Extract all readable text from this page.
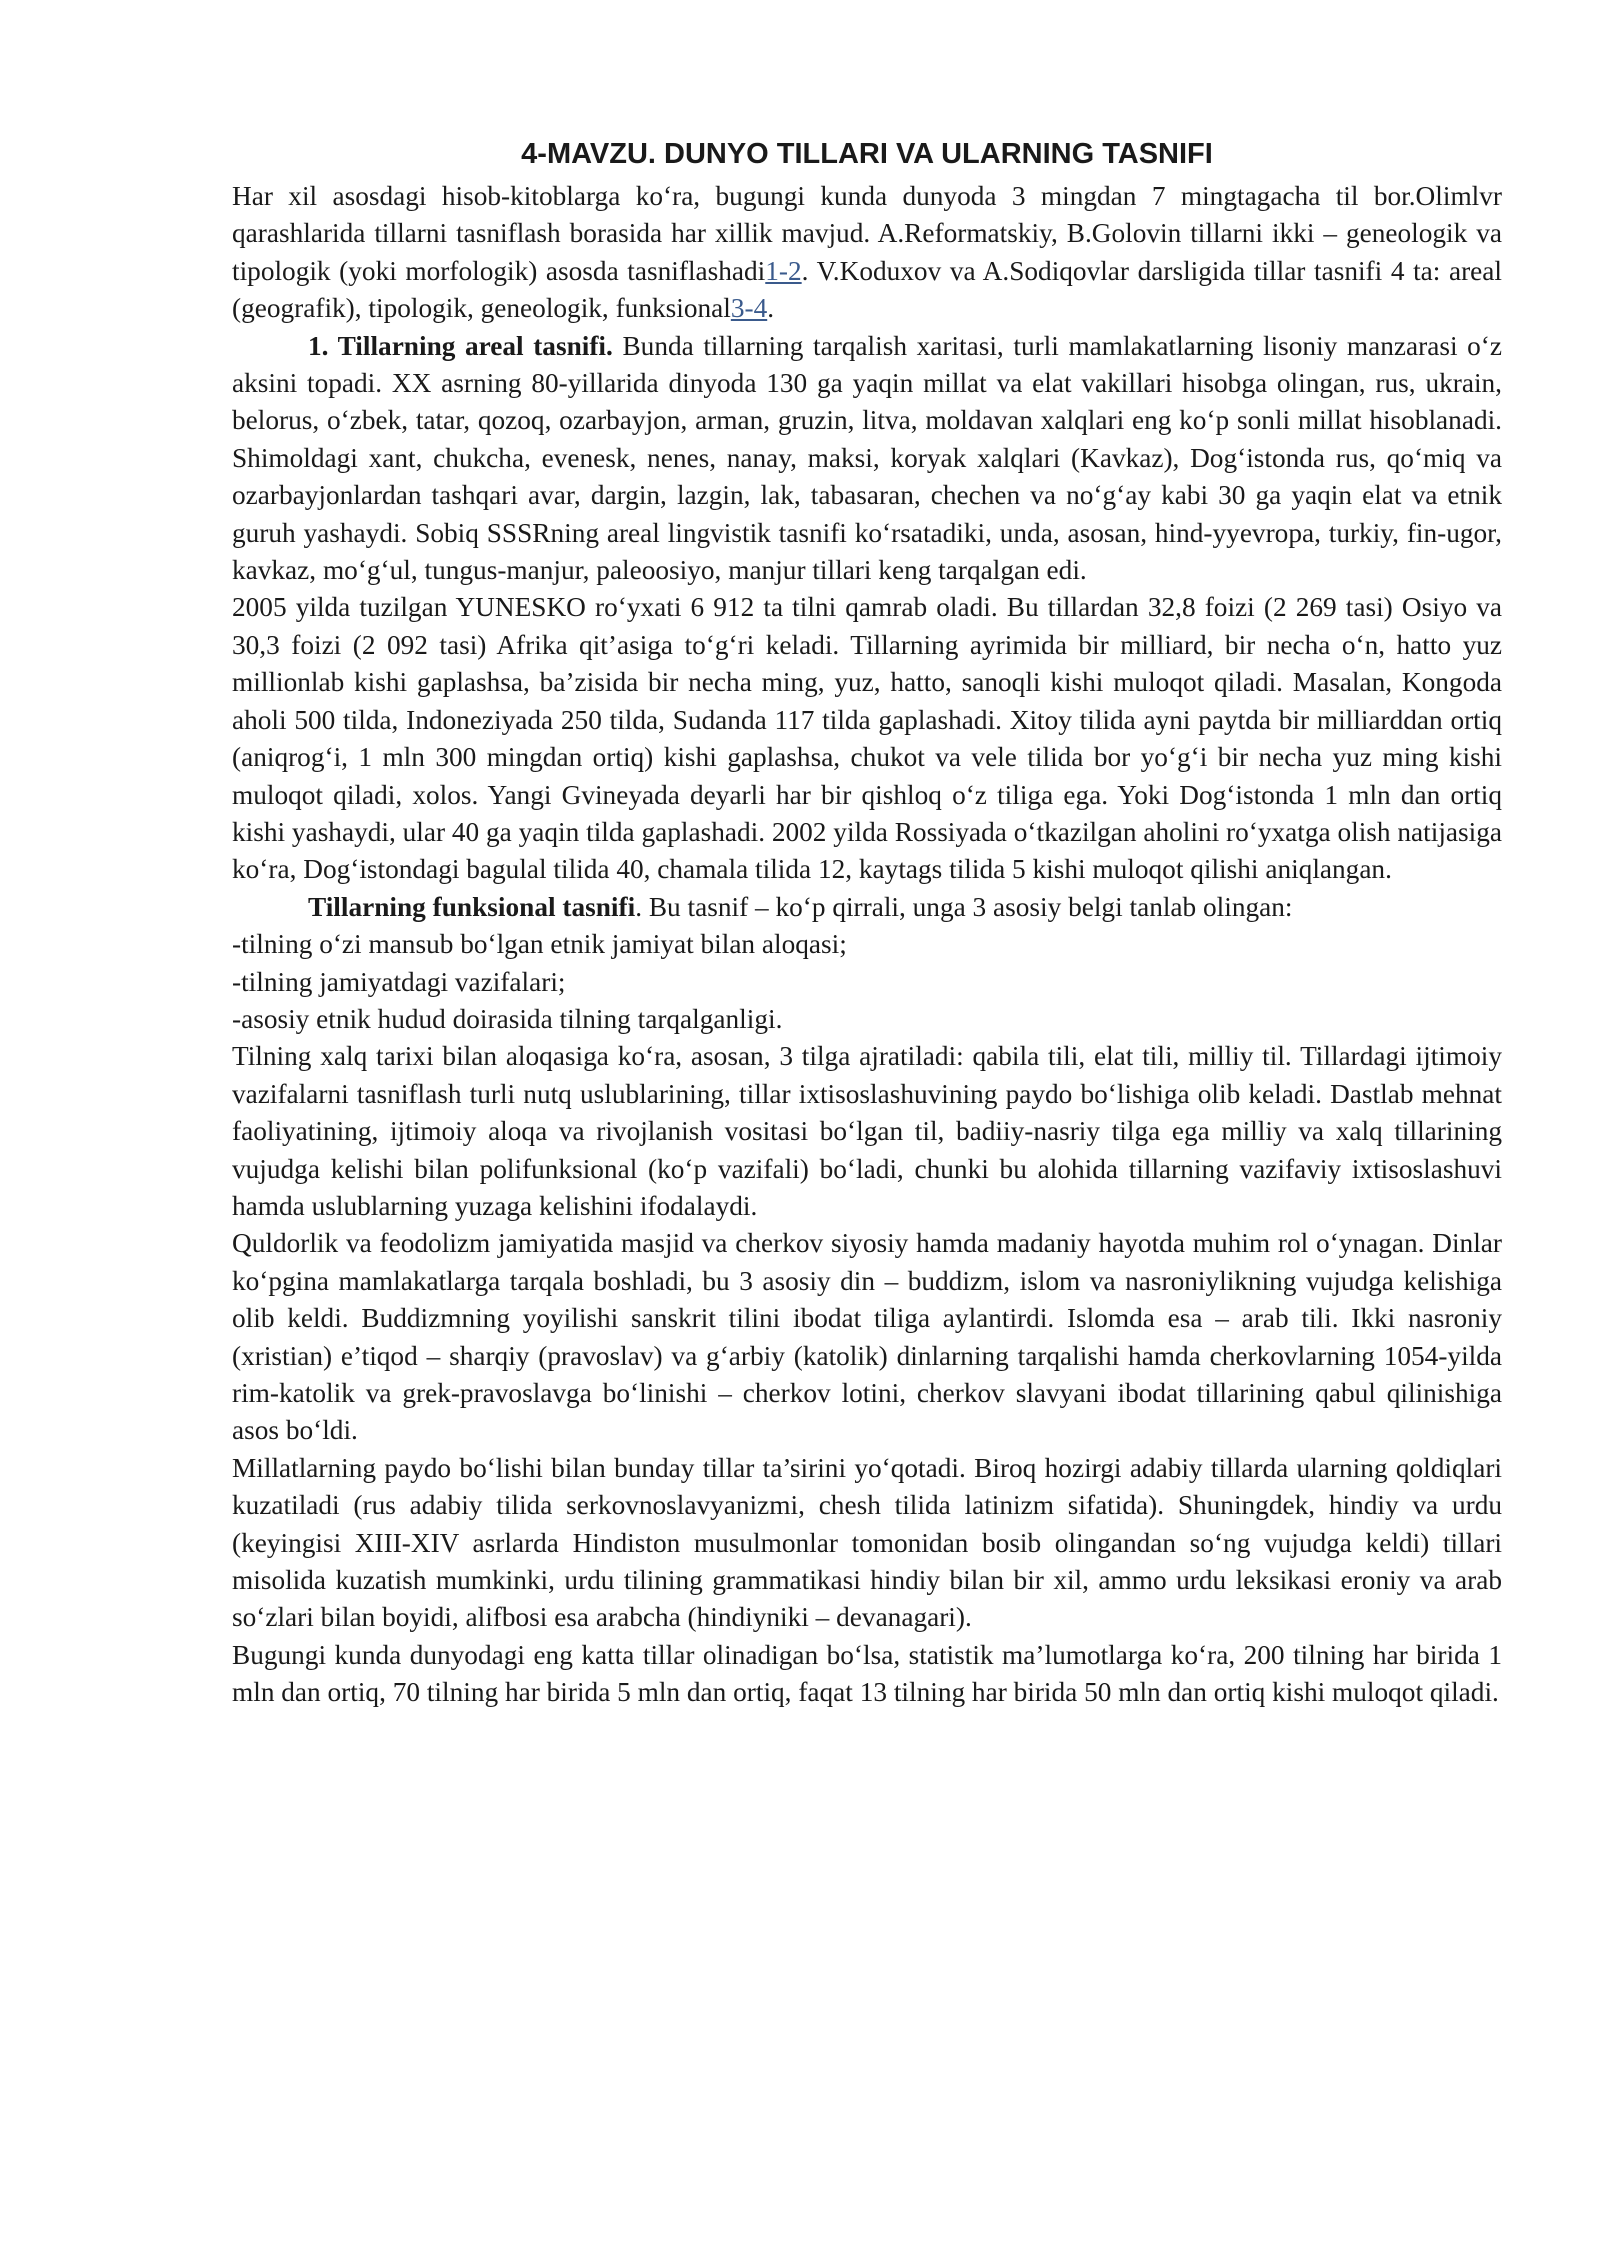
4-MAVZU. DUNYO TILLARI VA ULARNING TASNIFI

Har xil asosdagi hisob-kitoblarga ko‘ra, bugungi kunda dunyoda 3 mingdan 7 mingtagacha til bor.Olimlvr qarashlarida tillarni tasniflash borasida har xillik mavjud. A.Reformatskiy, B.Golovin tillarni ikki – geneologik va tipologik (yoki morfologik) asosda tasniflashadi1-2. V.Koduxov va A.Sodiqovlar darsligida tillar tasnifi 4 ta: areal (geografik), tipologik, geneologik, funksional3-4.

1. Tillarning areal tasnifi. Bunda tillarning tarqalish xaritasi, turli mamlakatlarning lisoniy manzarasi o‘z aksini topadi. XX asrning 80-yillarida dinyoda 130 ga yaqin millat va elat vakillari hisobga olingan, rus, ukrain, belorus, o‘zbek, tatar, qozoq, ozarbayjon, arman, gruzin, litva, moldavan xalqlari eng ko‘p sonli millat hisoblanadi. Shimoldagi xant, chukcha, evenesk, nenes, nanay, maksi, koryak xalqlari (Kavkaz), Dog‘istonda rus, qo‘miq va ozarbayjonlardan tashqari avar, dargin, lazgin, lak, tabasaran, chechen va no‘g‘ay kabi 30 ga yaqin elat va etnik guruh yashaydi. Sobiq SSSRning areal lingvistik tasnifi ko‘rsatadiki, unda, asosan, hind-yyevropa, turkiy, fin-ugor, kavkaz, mo‘g‘ul, tungus-manjur, paleoosiyo, manjur tillari keng tarqalgan edi.

2005 yilda tuzilgan YUNESKO ro‘yxati 6 912 ta tilni qamrab oladi. Bu tillardan 32,8 foizi (2 269 tasi) Osiyo va 30,3 foizi (2 092 tasi) Afrika qit’asiga to‘g‘ri keladi. Tillarning ayrimida bir milliard, bir necha o‘n, hatto yuz millionlab kishi gaplashsa, ba’zisida bir necha ming, yuz, hatto, sanoqli kishi muloqot qiladi. Masalan, Kongoda aholi 500 tilda, Indoneziyada 250 tilda, Sudanda 117 tilda gaplashadi. Xitoy tilida ayni paytda bir milliarddan ortiq (aniqrog‘i, 1 mln 300 mingdan ortiq) kishi gaplashsa, chukot va vele tilida bor yo‘g‘i bir necha yuz ming kishi muloqot qiladi, xolos. Yangi Gvineyada deyarli har bir qishloq o‘z tiliga ega. Yoki Dog‘istonda 1 mln dan ortiq kishi yashaydi, ular 40 ga yaqin tilda gaplashadi. 2002 yilda Rossiyada o‘tkazilgan aholini ro‘yxatga olish natijasiga ko‘ra, Dog‘istondagi bagulal tilida 40, chamala tilida 12, kaytags tilida 5 kishi muloqot qilishi aniqlangan.

Tillarning funksional tasnifi. Bu tasnif – ko‘p qirrali, unga 3 asosiy belgi tanlab olingan:

-tilning o‘zi mansub bo‘lgan etnik jamiyat bilan aloqasi;

-tilning jamiyatdagi vazifalari;

-asosiy etnik hudud doirasida tilning tarqalganligi.

Tilning xalq tarixi bilan aloqasiga ko‘ra, asosan, 3 tilga ajratiladi: qabila tili, elat tili, milliy til. Tillardagi ijtimoiy vazifalarni tasniflash turli nutq uslublarining, tillar ixtisoslashuvining paydo bo‘lishiga olib keladi. Dastlab mehnat faoliyatining, ijtimoiy aloqa va rivojlanish vositasi bo‘lgan til, badiiy-nasriy tilga ega milliy va xalq tillarining vujudga kelishi bilan polifunksional (ko‘p vazifali) bo‘ladi, chunki bu alohida tillarning vazifaviy ixtisoslashuvi hamda uslublarning yuzaga kelishini ifodalaydi.

Quldorlik va feodolizm jamiyatida masjid va cherkov siyosiy hamda madaniy hayotda muhim rol o‘ynagan. Dinlar ko‘pgina mamlakatlarga tarqala boshladi, bu 3 asosiy din – buddizm, islom va nasroniylikning vujudga kelishiga olib keldi. Buddizmning yoyilishi sanskrit tilini ibodat tiliga aylantirdi. Islomda esa – arab tili. Ikki nasroniy (xristian) e’tiqod – sharqiy (pravoslav) va g‘arbiy (katolik) dinlarning tarqalishi hamda cherkovlarning 1054-yilda rim-katolik va grek-pravoslavga bo‘linishi – cherkov lotini, cherkov slavyani ibodat tillarining qabul qilinishiga asos bo‘ldi.

Millatlarning paydo bo‘lishi bilan bunday tillar ta’sirini yo‘qotadi. Biroq hozirgi adabiy tillarda ularning qoldiqlari kuzatiladi (rus adabiy tilida serkovnoslavyanizmi, chesh tilida latinizm sifatida). Shuningdek, hindiy va urdu (keyingisi XIII-XIV asrlarda Hindiston musulmonlar tomonidan bosib olingandan so‘ng vujudga keldi) tillari misolida kuzatish mumkinki, urdu tilining grammatikasi hindiy bilan bir xil, ammo urdu leksikasi eroniy va arab so‘zlari bilan boyidi, alifbosi esa arabcha (hindiyniki – devanagari).

Bugungi kunda dunyodagi eng katta tillar olinadigan bo‘lsa, statistik ma’lumotlarga ko‘ra, 200 tilning har birida 1 mln dan ortiq, 70 tilning har birida 5 mln dan ortiq, faqat 13 tilning har birida 50 mln dan ortiq kishi muloqot qiladi.
